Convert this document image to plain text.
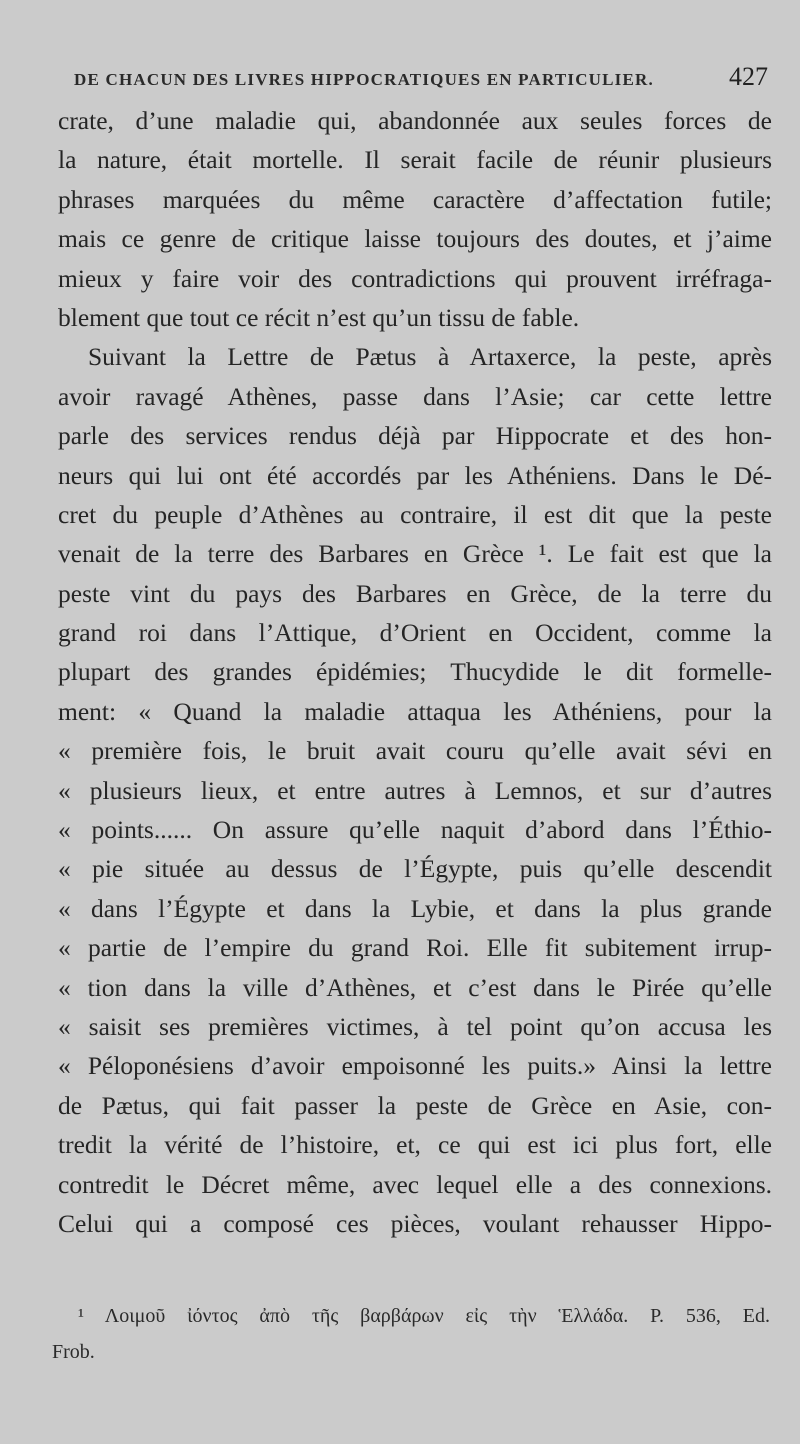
DE CHACUN DES LIVRES HIPPOCRATIQUES EN PARTICULIER.	427
crate, d’une maladie qui, abandonnée aux seules forces de
la nature, était mortelle. Il serait facile de réunir plusieurs
phrases marquées du même caractère d’affectation futile;
mais ce genre de critique laisse toujours des doutes, et j’aime
mieux y faire voir des contradictions qui prouvent irréfraga-
blement que tout ce récit n’est qu’un tissu de fable.
Suivant la Lettre de Pætus à Artaxerce, la peste, après
avoir ravagé Athènes, passe dans l’Asie; car cette lettre
parle des services rendus déjà par Hippocrate et des hon-
neurs qui lui ont été accordés par les Athéniens. Dans le Dé-
cret du peuple d’Athènes au contraire, il est dit que la peste
venait de la terre des Barbares en Grèce ¹. Le fait est que la
peste vint du pays des Barbares en Grèce, de la terre du
grand roi dans l’Attique, d’Orient en Occident, comme la
plupart des grandes épidémies; Thucydide le dit formelle-
ment: « Quand la maladie attaqua les Athéniens, pour la
« première fois, le bruit avait couru qu’elle avait sévi en
« plusieurs lieux, et entre autres à Lemnos, et sur d’autres
« points...... On assure qu’elle naquit d’abord dans l’Éthio-
« pie située au dessus de l’Égypte, puis qu’elle descendit
« dans l’Égypte et dans la Lybie, et dans la plus grande
« partie de l’empire du grand Roi. Elle fit subitement irrup-
« tion dans la ville d’Athènes, et c’est dans le Pirée qu’elle
« saisit ses premières victimes, à tel point qu’on accusa les
« Péloponésiens d’avoir empoisonné les puits.» Ainsi la lettre
de Pætus, qui fait passer la peste de Grèce en Asie, con-
tredit la vérité de l’histoire, et, ce qui est ici plus fort, elle
contredit le Décret même, avec lequel elle a des connexions.
Celui qui a composé ces pièces, voulant rehausser Hippo-
¹ Λοιμοῦ ἰόντος ἀπὸ τῆς βαρβάρων εἰς τὴν Ἑλλάδα. P. 536, Ed.
Frob.
